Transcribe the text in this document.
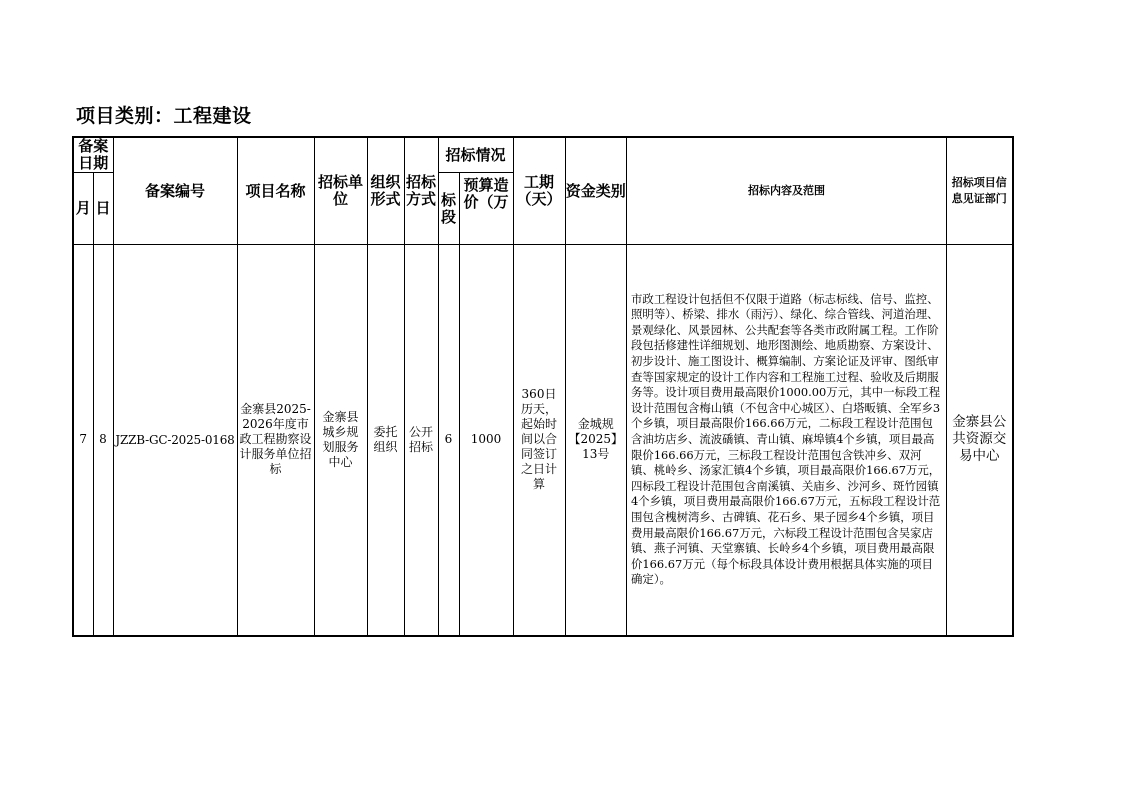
项目类别：工程建设
备案日期		备案编号	项目名称	招标单位	组织形式	招标方式	招标情况		工期（天）	资金类别	招标内容及范围	招标项目信息见证部门
月	日						标段	预算造价（万				

7	8	JZZB-GC-2025-0168	金寨县2025-2026年度市政工程勘察设计服务单位招标	金寨县城乡规划服务中心	委托组织	公开招标	6	1000	360日历天，起始时间以合同签订之日计算	金城规【2025】13号	市政工程设计包括但不仅限于道路（标志标线、信号、监控、照明等）、桥梁、排水（雨污）、绿化、综合管线、河道治理、景观绿化、风景园林、公共配套等各类市政附属工程。工作阶段包括修建性详细规划、地形图测绘、地质勘察、方案设计、初步设计、施工图设计、概算编制、方案论证及评审、图纸审查等国家规定的设计工作内容和工程施工过程、验收及后期服务等。设计项目费用最高限价1000.00万元，其中一标段工程设计范围包含梅山镇（不包含中心城区）、白塔畈镇、全军乡3个乡镇，项目最高限价166.66万元，二标段工程设计范围包含油坊店乡、流波礄镇、青山镇、麻埠镇4个乡镇，项目最高限价166.66万元，三标段工程设计范围包含铁冲乡、双河镇、桃岭乡、汤家汇镇4个乡镇，项目最高限价166.67万元，四标段工程设计范围包含南溪镇、关庙乡、沙河乡、斑竹园镇4个乡镇，项目费用最高限价166.67万元，五标段工程设计范围包含槐树湾乡、古碑镇、花石乡、果子园乡4个乡镇，项目费用最高限价166.67万元，六标段工程设计范围包含吴家店镇、燕子河镇、天堂寨镇、长岭乡4个乡镇，项目费用最高限价166.67万元（每个标段具体设计费用根据具体实施的项目确定）。	金寨县公共资源交易中心
